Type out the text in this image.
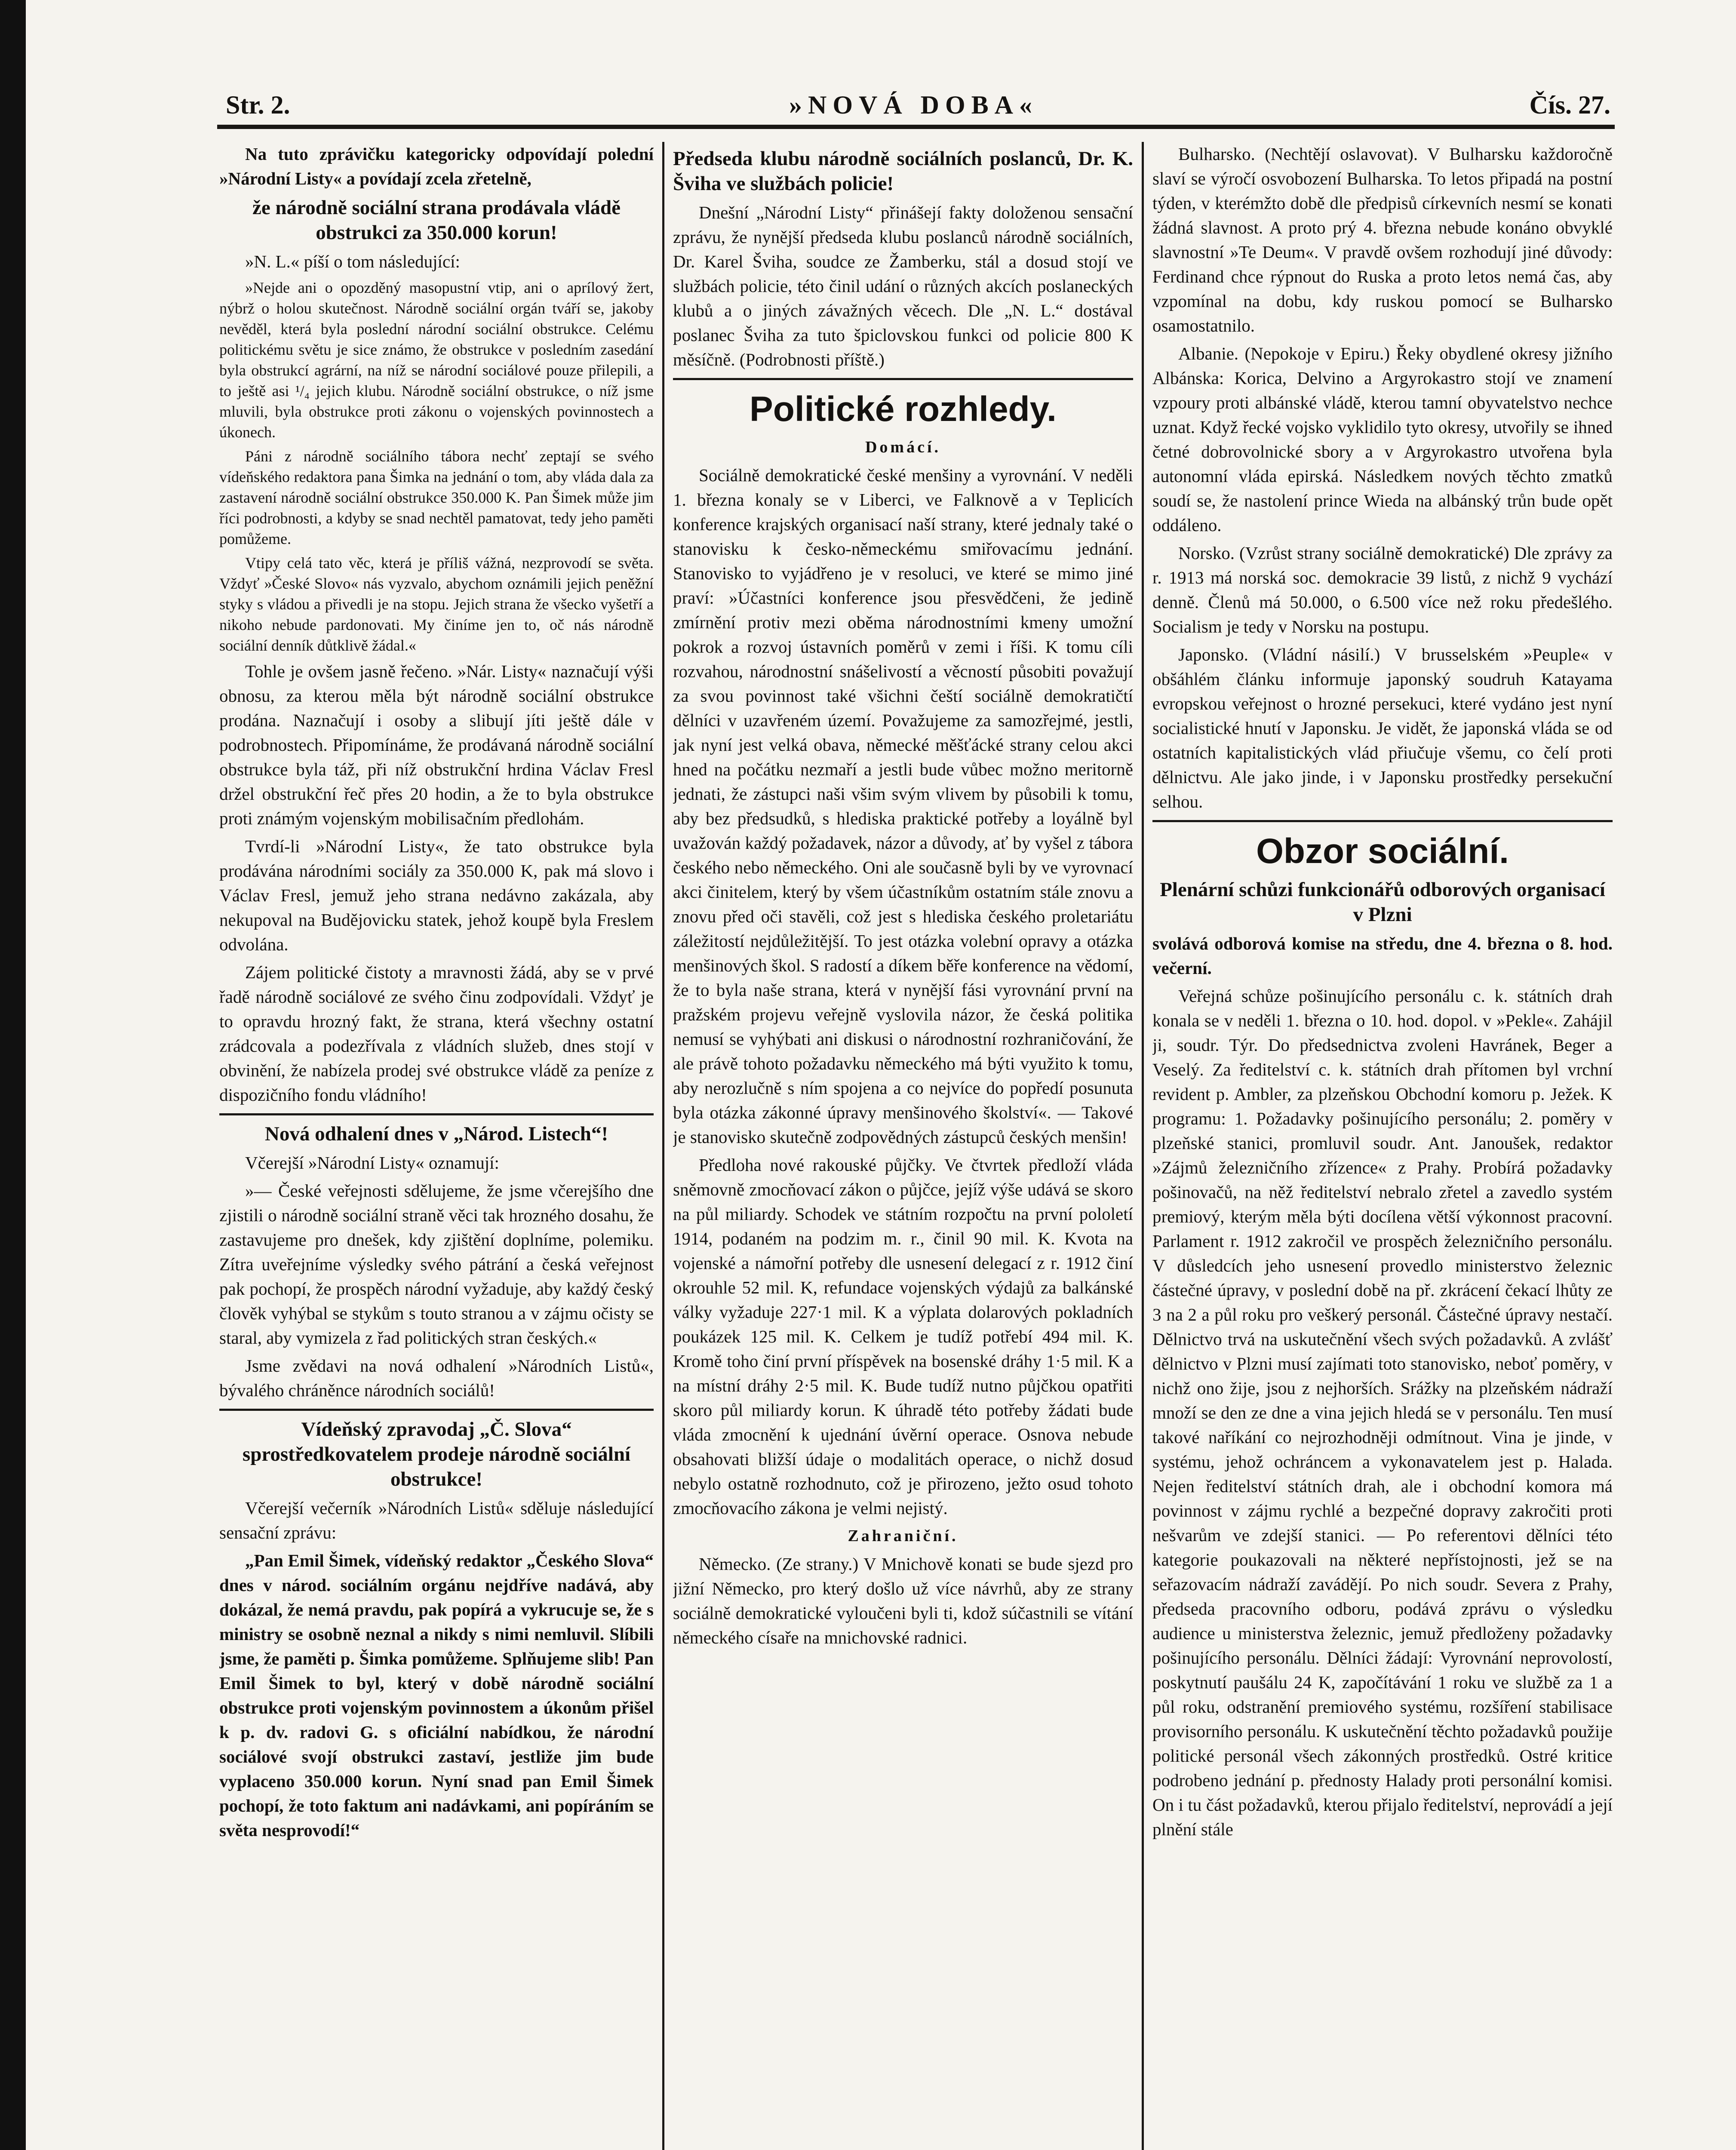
Str. 2.	»NOVÁ DOBA«	Čís. 27.

Na tuto zprávičku kategoricky odpovídají polední »Národní Listy« a povídají zcela zřetelně,

že národně sociální strana prodávala vládě obstrukci za 350.000 korun!

»N. L.« píší o tom následující:

»Nejde ani o opozděný masopustní vtip, ani o aprílový žert, nýbrž o holou skutečnost. Národně sociální orgán tváří se, jakoby nevěděl, která byla poslední národní sociální obstrukce. Celému politickému světu je sice známo, že obstrukce v posledním zasedání byla obstrukcí agrární, na níž se národní sociálové pouze přilepili, a to ještě asi ¹/₄ jejich klubu. Národně sociální obstrukce, o níž jsme mluvili, byla obstrukce proti zákonu o vojenských povinnostech a úkonech.

Páni z národně sociálního tábora nechť zeptají se svého vídeňského redaktora pana Šimka na jednání o tom, aby vláda dala za zastavení národně sociální obstrukce 350.000 K. Pan Šimek může jim říci podrobnosti, a kdyby se snad nechtěl pamatovat, tedy jeho paměti pomůžeme.

Vtipy celá tato věc, která je příliš vážná, nezprovodí se světa. Vždyť »České Slovo« nás vyzvalo, abychom oznámili jejich peněžní styky s vládou a přivedli je na stopu. Jejich strana že všecko vyšetří a nikoho nebude pardonovati. My činíme jen to, oč nás národně sociální denník důtklivě žádal.«

Tohle je ovšem jasně řečeno. »Nár. Listy« naznačují výši obnosu, za kterou měla být národně sociální obstrukce prodána. Naznačují i osoby a slibují jíti ještě dále v podrobnostech. Připomínáme, že prodávaná národně sociální obstrukce byla táž, při níž obstrukční hrdina Václav Fresl držel obstrukční řeč přes 20 hodin, a že to byla obstrukce proti známým vojenským mobilisačním předlohám.

Tvrdí-li »Národní Listy«, že tato obstrukce byla prodávána národními sociály za 350.000 K, pak má slovo i Václav Fresl, jemuž jeho strana nedávno zakázala, aby nekupoval na Budějovicku statek, jehož koupě byla Freslem odvolána.

Zájem politické čistoty a mravnosti žádá, aby se v prvé řadě národně sociálové ze svého činu zodpovídali. Vždyť je to opravdu hrozný fakt, že strana, která všechny ostatní zrádcovala a podezřívala z vládních služeb, dnes stojí v obvinění, že nabízela prodej své obstrukce vládě za peníze z dispozičního fondu vládního!

Nová odhalení dnes v „Národ. Listech“!

Včerejší »Národní Listy« oznamují:

»— České veřejnosti sdělujeme, že jsme včerejšího dne zjistili o národně sociální straně věci tak hrozného dosahu, že zastavujeme pro dnešek, kdy zjištění doplníme, polemiku. Zítra uveřejníme výsledky svého pátrání a česká veřejnost pak pochopí, že prospěch národní vyžaduje, aby každý český člověk vyhýbal se stykům s touto stranou a v zájmu očisty se staral, aby vymizela z řad politických stran českých.«

Jsme zvědavi na nová odhalení »Národních Listů«, bývalého chráněnce národních sociálů!

Vídeňský zpravodaj „Č. Slova“ sprostředkovatelem prodeje národně sociální obstrukce!

Včerejší večerník »Národních Listů« sděluje následující sensační zprávu:

„Pan Emil Šimek, vídeňský redaktor „Českého Slova“ dnes v národ. sociálním orgánu nejdříve nadává, aby dokázal, že nemá pravdu, pak popírá a vykrucuje se, že s ministry se osobně neznal a nikdy s nimi nemluvil. Slíbili jsme, že paměti p. Šimka pomůžeme. Splňujeme slib! Pan Emil Šimek to byl, který v době národně sociální obstrukce proti vojenským povinnostem a úkonům přišel k p. dv. radovi G. s oficiální nabídkou, že národní sociálové svojí obstrukci zastaví, jestliže jim bude vyplaceno 350.000 korun. Nyní snad pan Emil Šimek pochopí, že toto faktum ani nadávkami, ani popíráním se světa nesprovodí!“

Předseda klubu národně sociálních poslanců, Dr. K. Šviha ve službách policie!

Dnešní „Národní Listy“ přinášejí fakty doloženou sensační zprávu, že nynější předseda klubu poslanců národně sociálních, Dr. Karel Šviha, soudce ze Žamberku, stál a dosud stojí ve službách policie, této činil udání o různých akcích poslaneckých klubů a o jiných závažných věcech. Dle „N. L.“ dostával poslanec Šviha za tuto špiclovskou funkci od policie 800 K měsíčně. (Podrobnosti příště.)

Politické rozhledy.

Domácí.

Sociálně demokratické české menšiny a vyrovnání. V neděli 1. března konaly se v Liberci, ve Falknově a v Teplicích konference krajských organisací naší strany, které jednaly také o stanovisku k česko-německému smiřovacímu jednání. Stanovisko to vyjádřeno je v resoluci, ve které se mimo jiné praví: »Účastníci konference jsou přesvědčeni, že jedině zmírnění protiv mezi oběma národnostními kmeny umožní pokrok a rozvoj ústavních poměrů v zemi i říši. K tomu cíli rozvahou, národnostní snášelivostí a věcností působiti považují za svou povinnost také všichni čeští sociálně demokratičtí dělníci v uzavřeném území. Považujeme za samozřejmé, jestli, jak nyní jest velká obava, německé měšťácké strany celou akci hned na počátku nezmaří a jestli bude vůbec možno meritorně jednati, že zástupci naši všim svým vlivem by působili k tomu, aby bez předsudků, s hlediska praktické potřeby a loyálně byl uvažován každý požadavek, názor a důvody, ať by vyšel z tábora českého nebo německého. Oni ale současně byli by ve vyrovnací akci činitelem, který by všem účastníkům ostatním stále znovu a znovu před oči stavěli, což jest s hlediska českého proletariátu záležitostí nejdůležitější. To jest otázka volební opravy a otázka menšinových škol. S radostí a díkem běře konference na vědomí, že to byla naše strana, která v nynější fási vyrovnání první na pražském projevu veřejně vyslovila názor, že česká politika nemusí se vyhýbati ani diskusi o národnostní rozhraničování, že ale právě tohoto požadavku německého má býti využito k tomu, aby nerozlučně s ním spojena a co nejvíce do popředí posunuta byla otázka zákonné úpravy menšinového školství«. — Takové je stanovisko skutečně zodpovědných zástupců českých menšin!

Předloha nové rakouské půjčky. Ve čtvrtek předloží vláda sněmovně zmocňovací zákon o půjčce, jejíž výše udává se skoro na půl miliardy. Schodek ve státním rozpočtu na první pololetí 1914, podaném na podzim m. r., činil 90 mil. K. Kvota na vojenské a námořní potřeby dle usnesení delegací z r. 1912 činí okrouhle 52 mil. K, refundace vojenských výdajů za balkánské války vyžaduje 227·1 mil. K a výplata dolarových pokladních poukázek 125 mil. K. Celkem je tudíž potřebí 494 mil. K. Kromě toho činí první příspěvek na bosenské dráhy 1·5 mil. K a na místní dráhy 2·5 mil. K. Bude tudíž nutno půjčkou opatřiti skoro půl miliardy korun. K úhradě této potřeby žádati bude vláda zmocnění k ujednání úvěrní operace. Osnova nebude obsahovati bližší údaje o modalitách operace, o nichž dosud nebylo ostatně rozhodnuto, což je přirozeno, ježto osud tohoto zmocňovacího zákona je velmi nejistý.

Zahraniční.

Německo. (Ze strany.) V Mnichově konati se bude sjezd pro jižní Německo, pro který došlo už více návrhů, aby ze strany sociálně demokratické vyloučeni byli ti, kdož súčastnili se vítání německého císaře na mnichovské radnici.

Bulharsko. (Nechtějí oslavovat). V Bulharsku každoročně slaví se výročí osvobození Bulharska. To letos připadá na postní týden, v kterémžto době dle předpisů církevních nesmí se konati žádná slavnost. A proto prý 4. března nebude konáno obvyklé slavnostní »Te Deum«. V pravdě ovšem rozhodují jiné důvody: Ferdinand chce rýpnout do Ruska a proto letos nemá čas, aby vzpomínal na dobu, kdy ruskou pomocí se Bulharsko osamostatnilo.

Albanie. (Nepokoje v Epiru.) Řeky obydlené okresy jižního Albánska: Korica, Delvino a Argyrokastro stojí ve znamení vzpoury proti albánské vládě, kterou tamní obyvatelstvo nechce uznat. Když řecké vojsko vyklidilo tyto okresy, utvořily se ihned četné dobrovolnické sbory a v Argyrokastro utvořena byla autonomní vláda epirská. Následkem nových těchto zmatků soudí se, že nastolení prince Wieda na albánský trůn bude opět oddáleno.

Norsko. (Vzrůst strany sociálně demokratické) Dle zprávy za r. 1913 má norská soc. demokracie 39 listů, z nichž 9 vychází denně. Členů má 50.000, o 6.500 více než roku předešlého. Socialism je tedy v Norsku na postupu.

Japonsko. (Vládní násilí.) V brusselském »Peuple« v obšáhlém článku informuje japonský soudruh Katayama evropskou veřejnost o hrozné persekuci, které vydáno jest nyní socialistické hnutí v Japonsku. Je vidět, že japonská vláda se od ostatních kapitalistických vlád přiučuje všemu, co čelí proti dělnictvu. Ale jako jinde, i v Japonsku prostředky persekuční selhou.

Obzor sociální.

Plenární schůzi funkcionářů odborových organisací v Plzni

svolává odborová komise na středu, dne 4. března o 8. hod. večerní.

Veřejná schůze pošinujícího personálu c. k. státních drah konala se v neděli 1. března o 10. hod. dopol. v »Pekle«. Zahájil ji, soudr. Týr. Do předsednictva zvoleni Havránek, Beger a Veselý. Za ředitelství c. k. státních drah přítomen byl vrchní revident p. Ambler, za plzeňskou Obchodní komoru p. Ježek. K programu: 1. Požadavky pošinujícího personálu; 2. poměry v plzeňské stanici, promluvil soudr. Ant. Janoušek, redaktor »Zájmů železničního zřízence« z Prahy. Probírá požadavky pošinovačů, na něž ředitelství nebralo zřetel a zavedlo systém premiový, kterým měla býti docílena větší výkonnost pracovní. Parlament r. 1912 zakročil ve prospěch železničního personálu. V důsledcích jeho usnesení provedlo ministerstvo železnic částečné úpravy, v poslední době na př. zkrácení čekací lhůty ze 3 na 2 a půl roku pro veškerý personál. Částečné úpravy nestačí. Dělnictvo trvá na uskutečnění všech svých požadavků. A zvlášť dělnictvo v Plzni musí zajímati toto stanovisko, neboť poměry, v nichž ono žije, jsou z nejhorších. Srážky na plzeňském nádraží množí se den ze dne a vina jejich hledá se v personálu. Ten musí takové naříkání co nejrozhodněji odmítnout. Vina je jinde, v systému, jehož ochráncem a vykonavatelem jest p. Halada. Nejen ředitelství státních drah, ale i obchodní komora má povinnost v zájmu rychlé a bezpečné dopravy zakročiti proti nešvarům ve zdejší stanici. — Po referentovi dělníci této kategorie poukazovali na některé nepřístojnosti, jež se na seřazovacím nádraží zavádějí. Po nich soudr. Severa z Prahy, předseda pracovního odboru, podává zprávu o výsledku audience u ministerstva železnic, jemuž předloženy požadavky pošinujícího personálu. Dělníci žádají: Vyrovnání neprovolostí, poskytnutí paušálu 24 K, započítávání 1 roku ve službě za 1 a půl roku, odstranění premiového systému, rozšíření stabilisace provisorního personálu. K uskutečnění těchto požadavků použije politické personál všech zákonných prostředků. Ostré kritice podrobeno jednání p. přednosty Halady proti personální komisi. On i tu část požadavků, kterou přijalo ředitelství, neprovádí a její plnění stále
